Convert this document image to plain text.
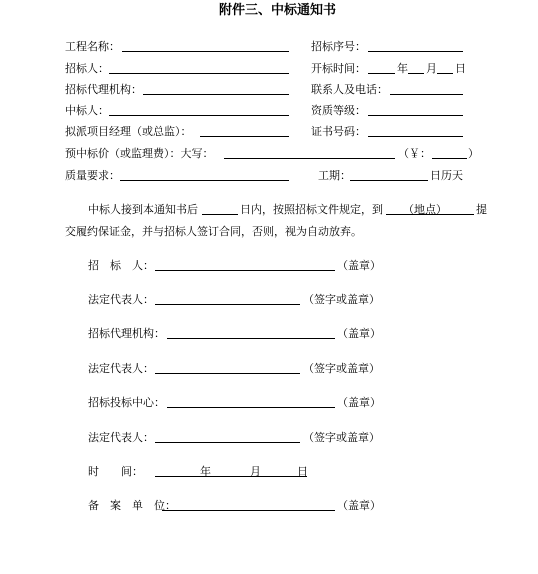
附件三、中标通知书
工程名称：	招标序号：
招标人：	开标时间：	年 月 日
招标代理机构：	联系人及电话：
中标人：	资质等级：
拟派项目经理（或总监）：	证书号码：
预中标价（或监理费）：大写：	（￥：	）
质量要求：	工期：	日历天
中标人接到本通知书后	日内，按照招标文件规定，到 （地点）	提
交履约保证金，并与招标人签订合同，否则，视为自动放弃。
招　标　人：	（盖章）
法定代表人：	（签字或盖章）
招标代理机构：	（盖章）
法定代表人：	（签字或盖章）
招标投标中心：	（盖章）
法定代表人：	（签字或盖章）
时　　间：	年	月	日
备　案　单　位：	（盖章）
